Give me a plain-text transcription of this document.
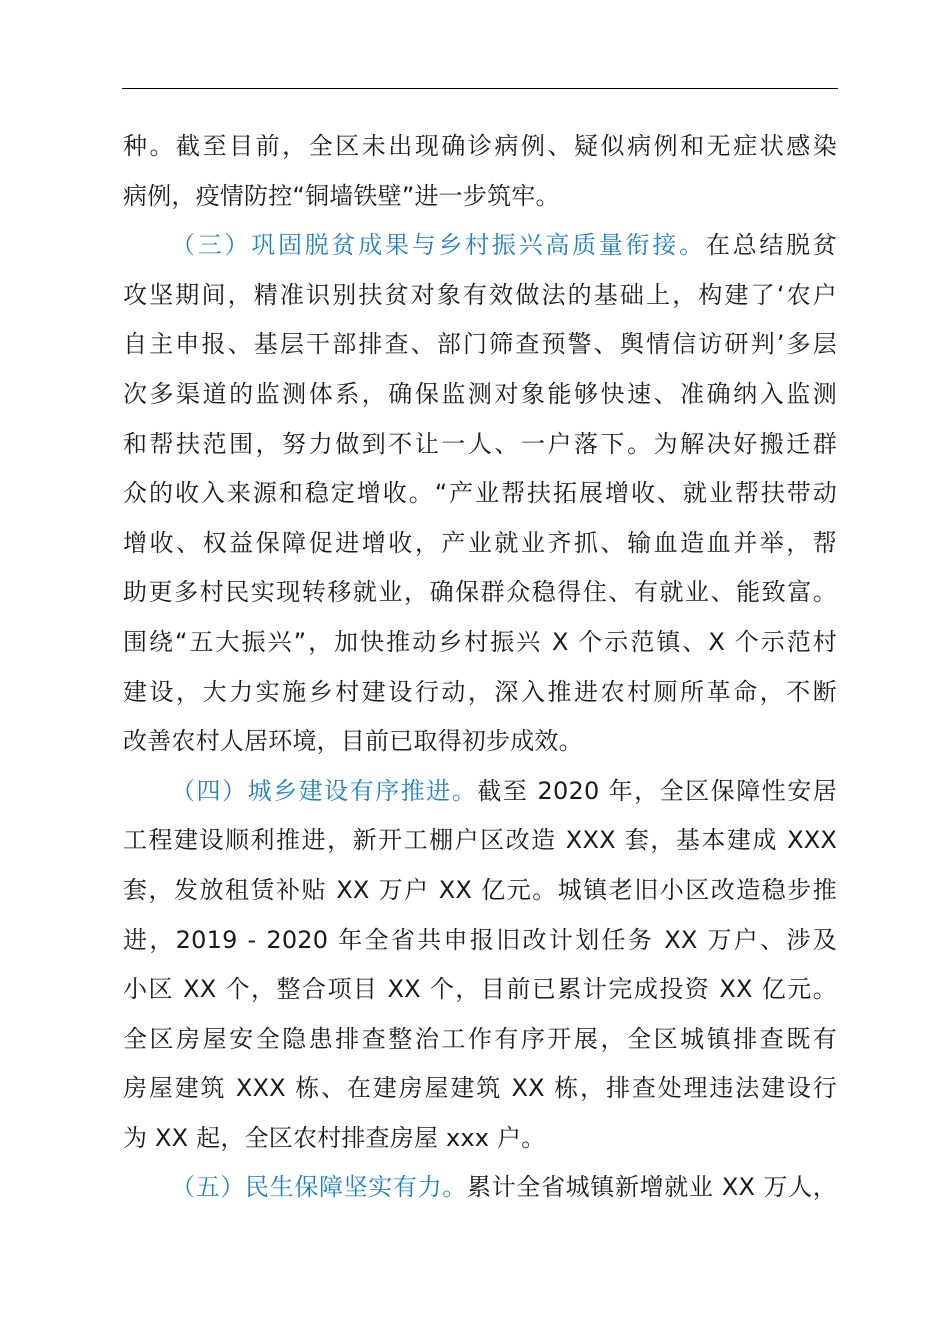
种。截至目前，全区未出现确诊病例、疑似病例和无症状感染
病例，疫情防控“铜墙铁壁”进一步筑牢。
（三）巩固脱贫成果与乡村振兴高质量衔接。在总结脱贫
攻坚期间，精准识别扶贫对象有效做法的基础上，构建了‘农户
自主申报、基层干部排查、部门筛查预警、舆情信访研判’多层
次多渠道的监测体系，确保监测对象能够快速、准确纳入监测
和帮扶范围，努力做到不让一人、一户落下。为解决好搬迁群
众的收入来源和稳定增收。“产业帮扶拓展增收、就业帮扶带动
增收、权益保障促进增收，产业就业齐抓、输血造血并举，帮
助更多村民实现转移就业，确保群众稳得住、有就业、能致富。
围绕“五大振兴”，加快推动乡村振兴 X 个示范镇、X 个示范村
建设，大力实施乡村建设行动，深入推进农村厕所革命，不断
改善农村人居环境，目前已取得初步成效。
（四）城乡建设有序推进。截至 2020 年，全区保障性安居
工程建设顺利推进，新开工棚户区改造 XXX 套，基本建成 XXX
套，发放租赁补贴 XX 万户 XX 亿元。城镇老旧小区改造稳步推
进，2019 - 2020 年全省共申报旧改计划任务 XX 万户、涉及
小区 XX 个，整合项目 XX 个，目前已累计完成投资 XX 亿元。
全区房屋安全隐患排查整治工作有序开展，全区城镇排查既有
房屋建筑 XXX 栋、在建房屋建筑 XX 栋，排查处理违法建设行
为 XX 起，全区农村排查房屋 xxx 户。
（五）民生保障坚实有力。累计全省城镇新增就业 XX 万人，
